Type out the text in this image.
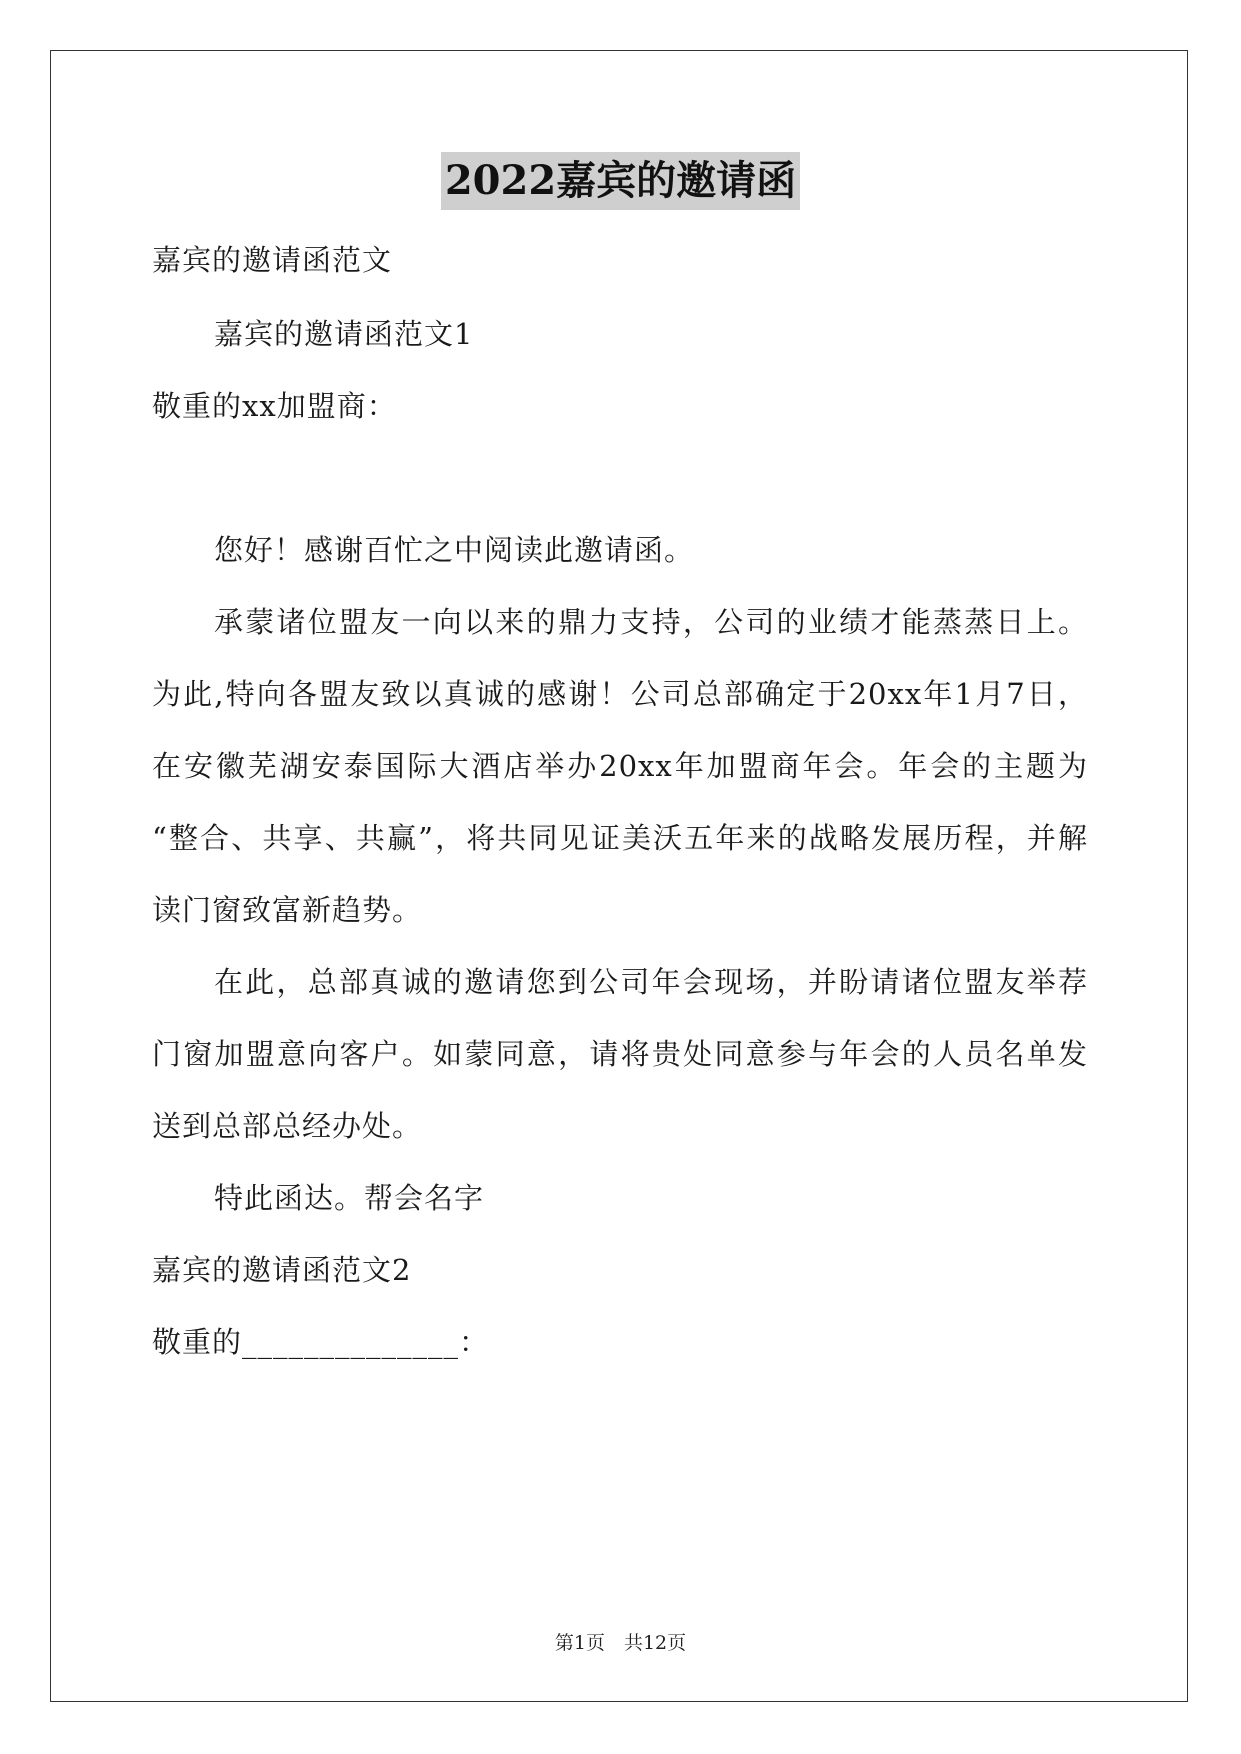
2022嘉宾的邀请函
嘉宾的邀请函范文
嘉宾的邀请函范文1
敬重的xx加盟商：
您好！感谢百忙之中阅读此邀请函。
承蒙诸位盟友一向以来的鼎力支持，公司的业绩才能蒸蒸日上。
为此,特向各盟友致以真诚的感谢！公司总部确定于20xx年1月7日，
在安徽芜湖安泰国际大酒店举办20xx年加盟商年会。年会的主题为
“整合、共享、共赢”，将共同见证美沃五年来的战略发展历程，并解
读门窗致富新趋势。
在此，总部真诚的邀请您到公司年会现场，并盼请诸位盟友举荐
门窗加盟意向客户。如蒙同意，请将贵处同意参与年会的人员名单发
送到总部总经办处。
特此函达。帮会名字
嘉宾的邀请函范文2
敬重的______________：
第1页　共12页
